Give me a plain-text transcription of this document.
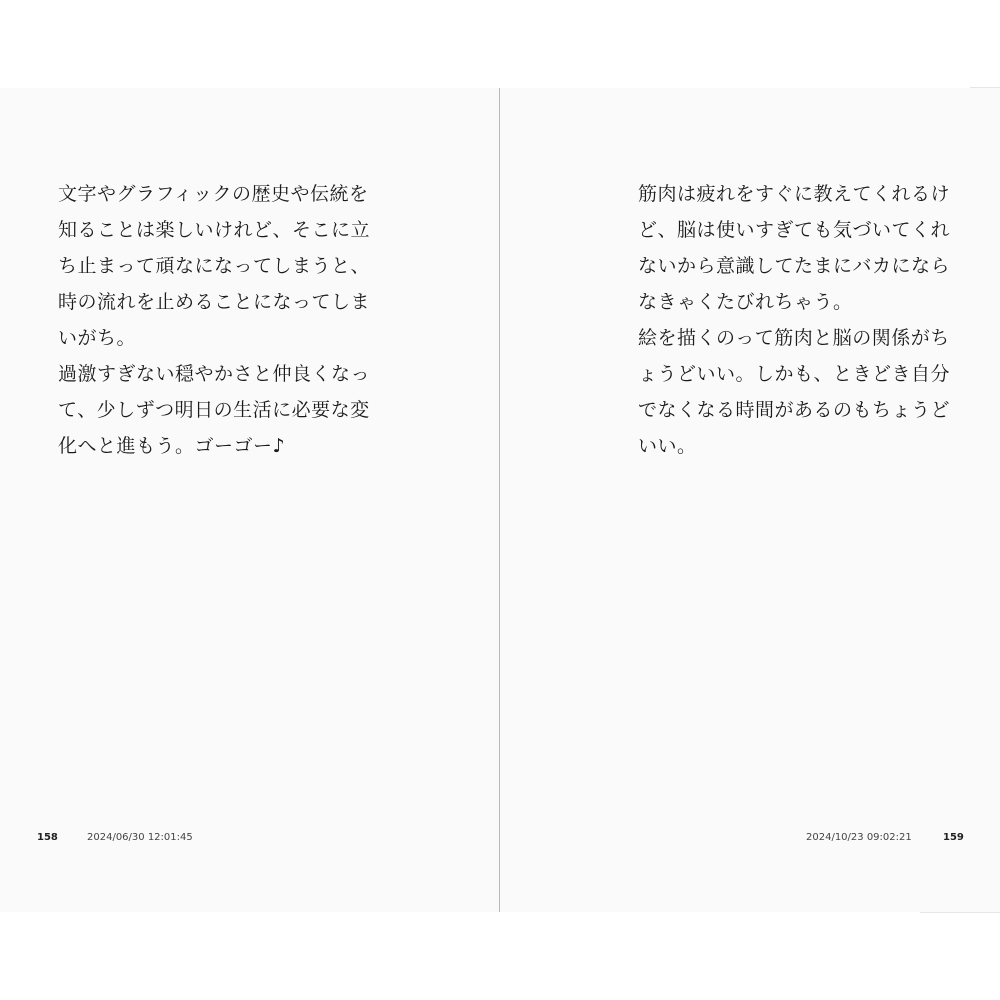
文字やグラフィックの歴史や伝統を
知ることは楽しいけれど、そこに立
ち止まって頑なになってしまうと、
時の流れを止めることになってしま
いがち。
過激すぎない穏やかさと仲良くなっ
て、少しずつ明日の生活に必要な変
化へと進もう。ゴーゴー♪
158	2024/06/30 12:01:45
筋肉は疲れをすぐに教えてくれるけ
ど、脳は使いすぎても気づいてくれ
ないから意識してたまにバカになら
なきゃくたびれちゃう。
絵を描くのって筋肉と脳の関係がち
ょうどいい。しかも、ときどき自分
でなくなる時間があるのもちょうど
いい。
2024/10/23 09:02:21	159
